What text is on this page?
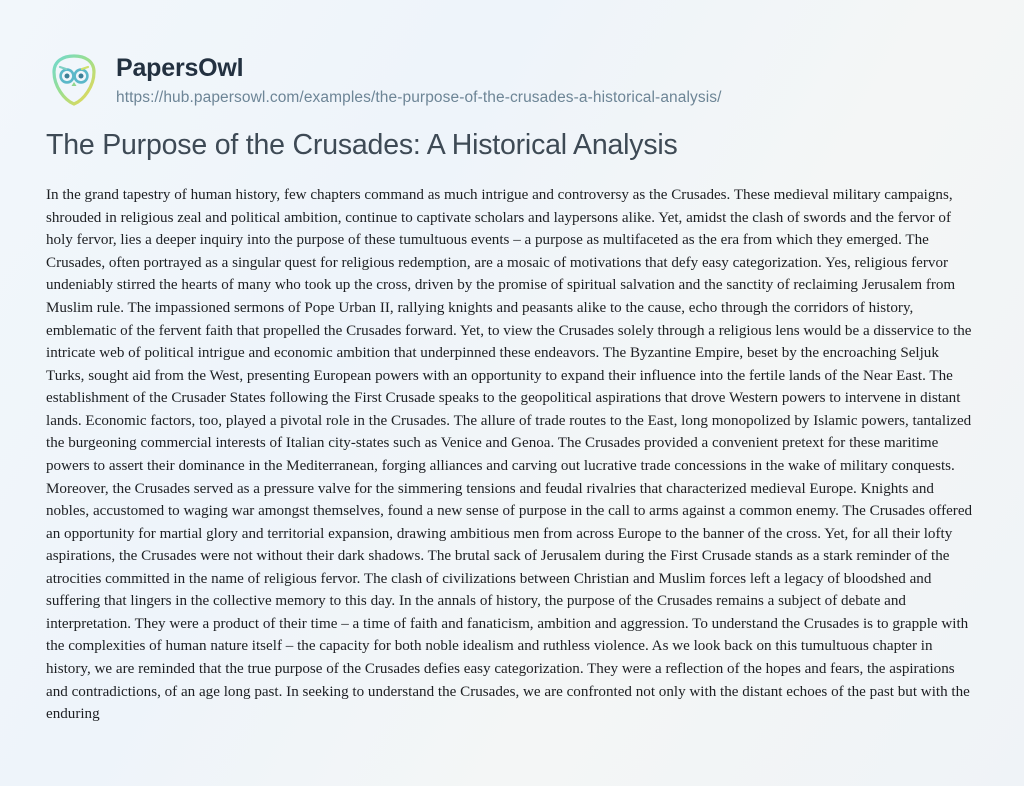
PapersOwl
https://hub.papersowl.com/examples/the-purpose-of-the-crusades-a-historical-analysis/
The Purpose of the Crusades: A Historical Analysis

In the grand tapestry of human history, few chapters command as much intrigue and controversy as the Crusades. These medieval military campaigns, shrouded in religious zeal and political ambition, continue to captivate scholars and laypersons alike. Yet, amidst the clash of swords and the fervor of holy fervor, lies a deeper inquiry into the purpose of these tumultuous events – a purpose as multifaceted as the era from which they emerged. The Crusades, often portrayed as a singular quest for religious redemption, are a mosaic of motivations that defy easy categorization. Yes, religious fervor undeniably stirred the hearts of many who took up the cross, driven by the promise of spiritual salvation and the sanctity of reclaiming Jerusalem from Muslim rule. The impassioned sermons of Pope Urban II, rallying knights and peasants alike to the cause, echo through the corridors of history, emblematic of the fervent faith that propelled the Crusades forward. Yet, to view the Crusades solely through a religious lens would be a disservice to the intricate web of political intrigue and economic ambition that underpinned these endeavors. The Byzantine Empire, beset by the encroaching Seljuk Turks, sought aid from the West, presenting European powers with an opportunity to expand their influence into the fertile lands of the Near East. The establishment of the Crusader States following the First Crusade speaks to the geopolitical aspirations that drove Western powers to intervene in distant lands. Economic factors, too, played a pivotal role in the Crusades. The allure of trade routes to the East, long monopolized by Islamic powers, tantalized the burgeoning commercial interests of Italian city-states such as Venice and Genoa. The Crusades provided a convenient pretext for these maritime powers to assert their dominance in the Mediterranean, forging alliances and carving out lucrative trade concessions in the wake of military conquests. Moreover, the Crusades served as a pressure valve for the simmering tensions and feudal rivalries that characterized medieval Europe. Knights and nobles, accustomed to waging war amongst themselves, found a new sense of purpose in the call to arms against a common enemy. The Crusades offered an opportunity for martial glory and territorial expansion, drawing ambitious men from across Europe to the banner of the cross. Yet, for all their lofty aspirations, the Crusades were not without their dark shadows. The brutal sack of Jerusalem during the First Crusade stands as a stark reminder of the atrocities committed in the name of religious fervor. The clash of civilizations between Christian and Muslim forces left a legacy of bloodshed and suffering that lingers in the collective memory to this day. In the annals of history, the purpose of the Crusades remains a subject of debate and interpretation. They were a product of their time – a time of faith and fanaticism, ambition and aggression. To understand the Crusades is to grapple with the complexities of human nature itself – the capacity for both noble idealism and ruthless violence. As we look back on this tumultuous chapter in history, we are reminded that the true purpose of the Crusades defies easy categorization. They were a reflection of the hopes and fears, the aspirations and contradictions, of an age long past. In seeking to understand the Crusades, we are confronted not only with the distant echoes of the past but with the enduring
